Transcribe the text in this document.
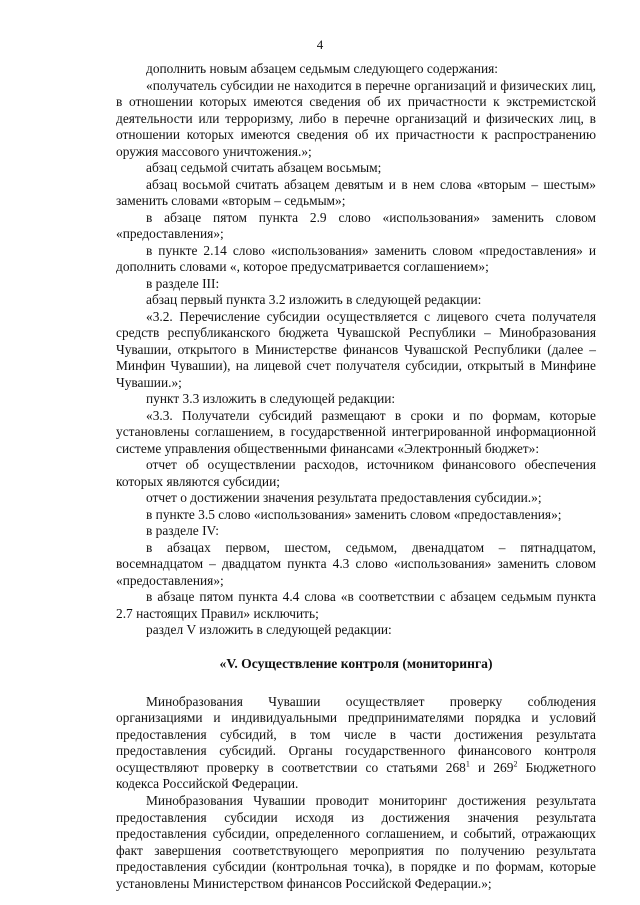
4

дополнить новым абзацем седьмым следующего содержания:

«получатель субсидии не находится в перечне организаций и физических лиц, в отношении которых имеются сведения об их причастности к экстремистской деятельности или терроризму, либо в перечне организаций и физических лиц, в отношении которых имеются сведения об их причастности к распространению оружия массового уничтожения.»;

абзац седьмой считать абзацем восьмым;

абзац восьмой считать абзацем девятым и в нем слова «вторым – шестым» заменить словами «вторым – седьмым»;

в абзаце пятом пункта 2.9 слово «использования» заменить словом «предоставления»;

в пункте 2.14 слово «использования» заменить словом «предоставления» и дополнить словами «, которое предусматривается соглашением»;

в разделе III:

абзац первый пункта 3.2 изложить в следующей редакции:

«3.2. Перечисление субсидии осуществляется с лицевого счета получателя средств республиканского бюджета Чувашской Республики – Минобразования Чувашии, открытого в Министерстве финансов Чувашской Республики (далее – Минфин Чувашии), на лицевой счет получателя субсидии, открытый в Минфине Чувашии.»;

пункт 3.3 изложить в следующей редакции:

«3.3. Получатели субсидий размещают в сроки и по формам, которые установлены соглашением, в государственной интегрированной информационной системе управления общественными финансами «Электронный бюджет»:

отчет об осуществлении расходов, источником финансового обеспечения которых являются субсидии;

отчет о достижении значения результата предоставления субсидии.»;

в пункте 3.5 слово «использования» заменить словом «предоставления»;

в разделе IV:

в абзацах первом, шестом, седьмом, двенадцатом – пятнадцатом, восемнадцатом – двадцатом пункта 4.3 слово «использования» заменить словом «предоставления»;

в абзаце пятом пункта 4.4 слова «в соответствии с абзацем седьмым пункта 2.7 настоящих Правил» исключить;

раздел V изложить в следующей редакции:

«V. Осуществление контроля (мониторинга)

Минобразования Чувашии осуществляет проверку соблюдения организациями и индивидуальными предпринимателями порядка и условий предоставления субсидий, в том числе в части достижения результата предоставления субсидий. Органы государственного финансового контроля осуществляют проверку в соответствии со статьями $268^1$ и $269^2$ Бюджетного кодекса Российской Федерации.

Минобразования Чувашии проводит мониторинг достижения результата предоставления субсидии исходя из достижения значения результата предоставления субсидии, определенного соглашением, и событий, отражающих факт завершения соответствующего мероприятия по получению результата предоставления субсидии (контрольная точка), в порядке и по формам, которые установлены Министерством финансов Российской Федерации.»;
